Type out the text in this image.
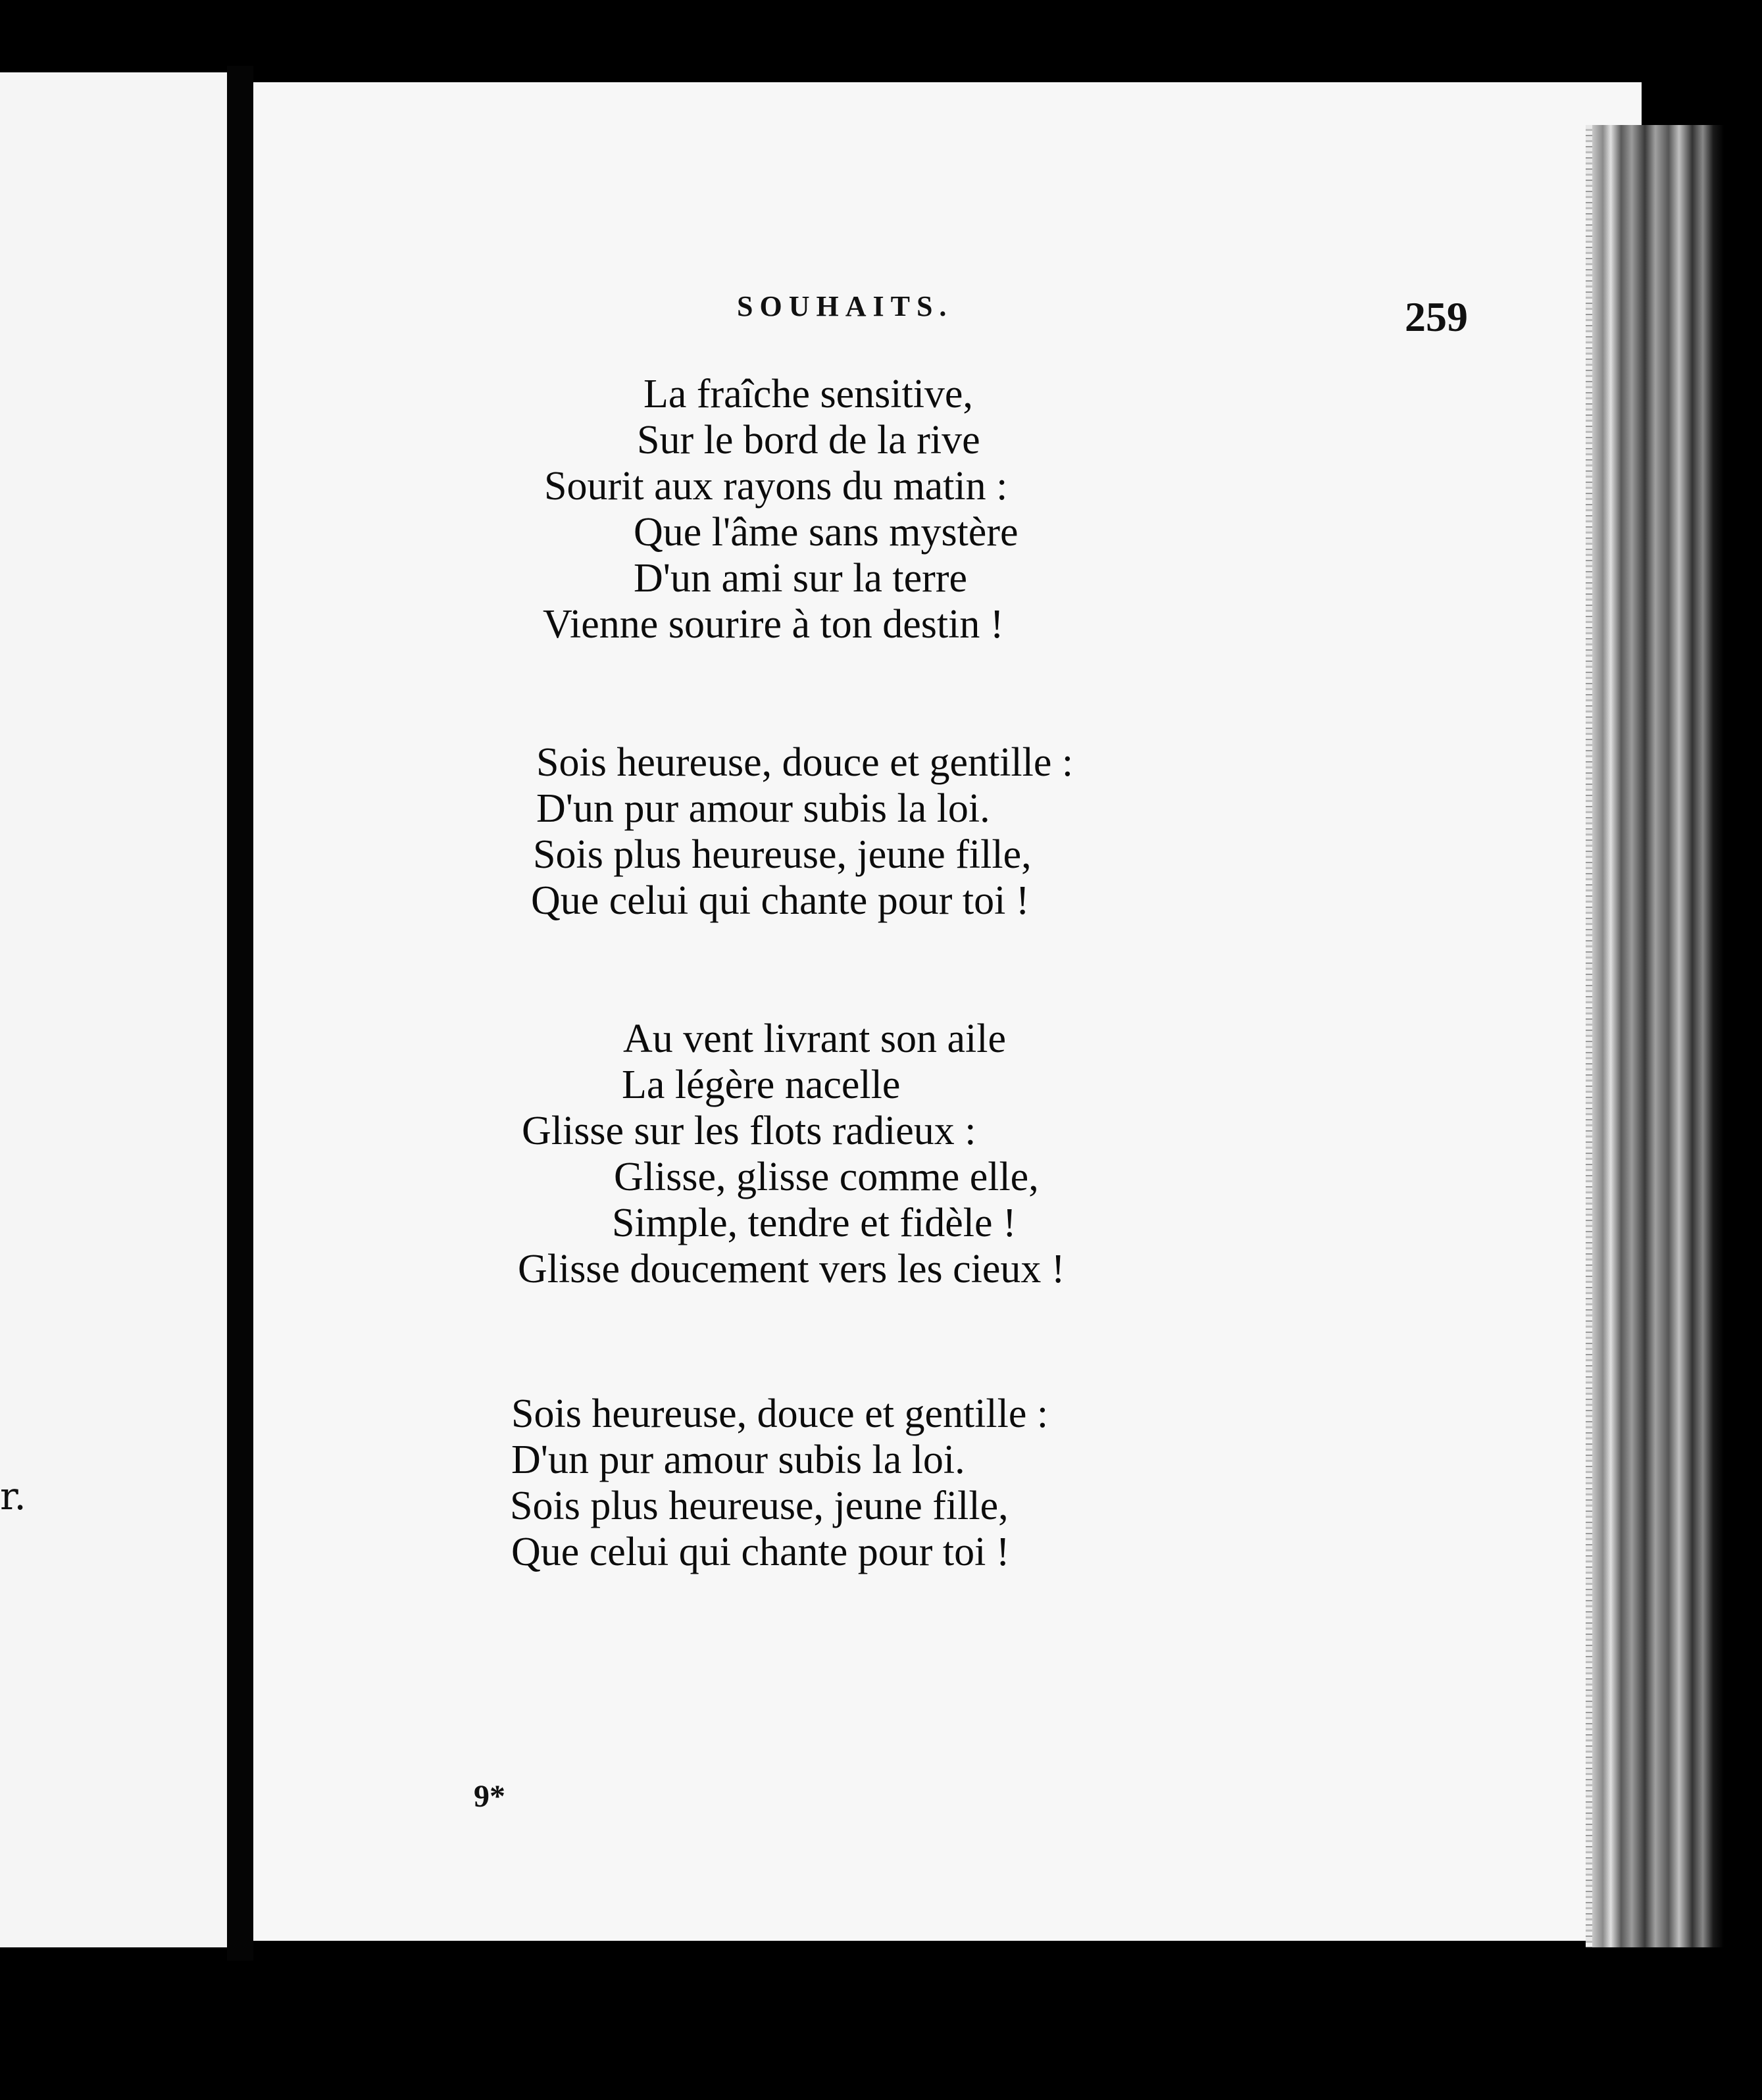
r.

SOUHAITS.	259
La fraîche sensitive,
Sur le bord de la rive
Sourit aux rayons du matin :
Que l'âme sans mystère
D'un ami sur la terre
Vienne sourire à ton destin !
Sois heureuse, douce et gentille :
D'un pur amour subis la loi.
Sois plus heureuse, jeune fille,
Que celui qui chante pour toi !
Au vent livrant son aile
La légère nacelle
Glisse sur les flots radieux :
Glisse, glisse comme elle,
Simple, tendre et fidèle !
Glisse doucement vers les cieux !
Sois heureuse, douce et gentille :
D'un pur amour subis la loi.
Sois plus heureuse, jeune fille,
Que celui qui chante pour toi !
9*
